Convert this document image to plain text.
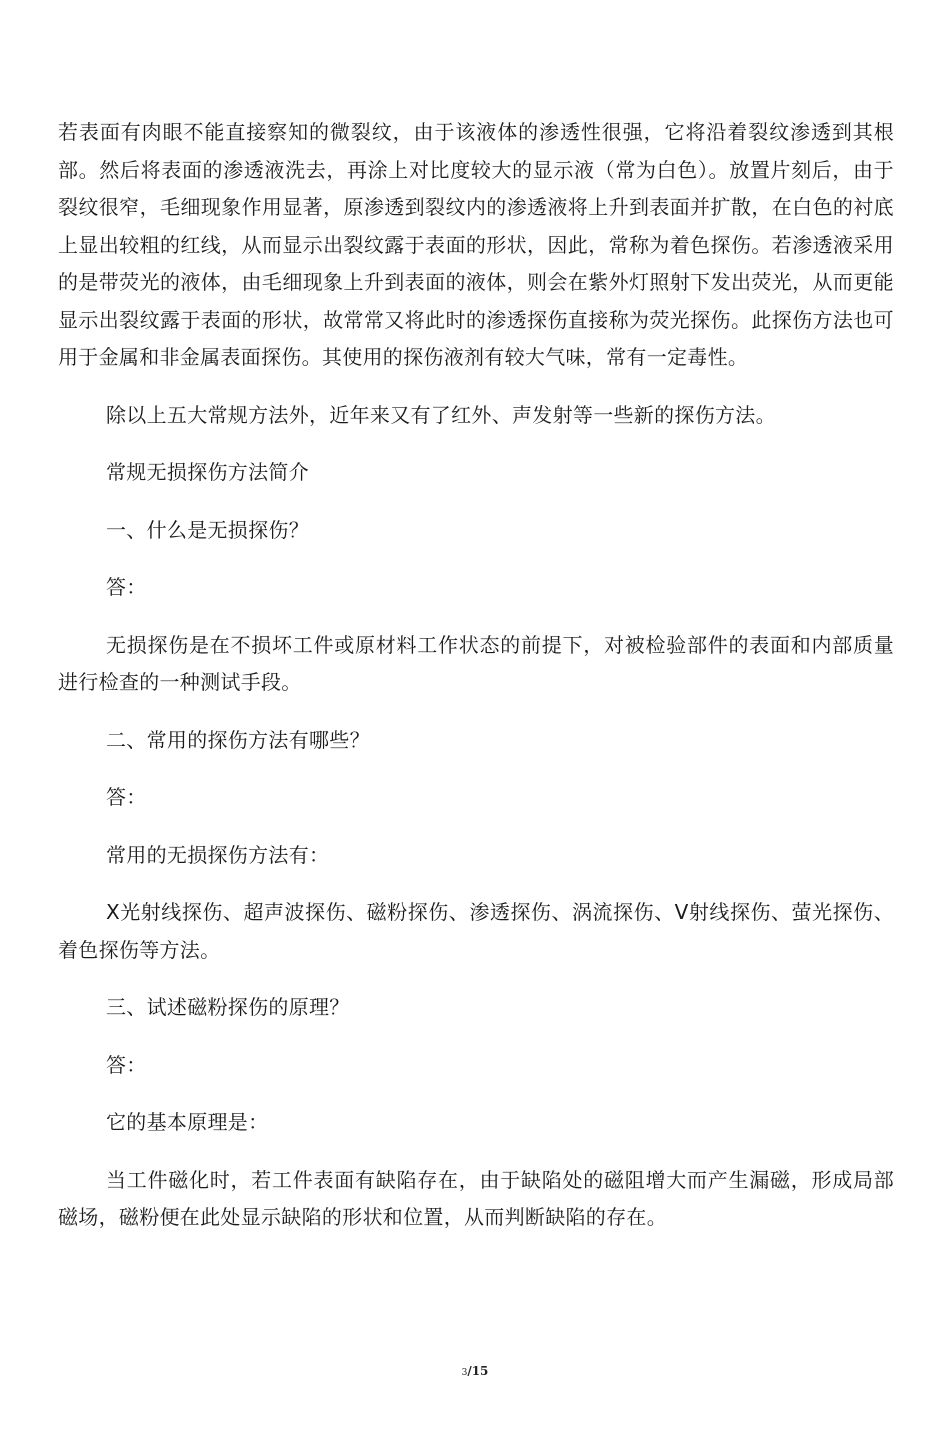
若表面有肉眼不能直接察知的微裂纹，由于该液体的渗透性很强，它将沿着裂纹渗透到其根部。然后将表面的渗透液洗去，再涂上对比度较大的显示液（常为白色）。放置片刻后，由于裂纹很窄，毛细现象作用显著，原渗透到裂纹内的渗透液将上升到表面并扩散，在白色的衬底上显出较粗的红线，从而显示出裂纹露于表面的形状，因此，常称为着色探伤。若渗透液采用的是带荧光的液体，由毛细现象上升到表面的液体，则会在紫外灯照射下发出荧光，从而更能显示出裂纹露于表面的形状，故常常又将此时的渗透探伤直接称为荧光探伤。此探伤方法也可用于金属和非金属表面探伤。其使用的探伤液剂有较大气味，常有一定毒性。

除以上五大常规方法外，近年来又有了红外、声发射等一些新的探伤方法。

常规无损探伤方法简介

一、什么是无损探伤？

答：

无损探伤是在不损坏工件或原材料工作状态的前提下，对被检验部件的表面和内部质量进行检查的一种测试手段。

二、常用的探伤方法有哪些？

答：

常用的无损探伤方法有：

X光射线探伤、超声波探伤、磁粉探伤、渗透探伤、涡流探伤、V射线探伤、萤光探伤、着色探伤等方法。

三、试述磁粉探伤的原理？

答：

它的基本原理是：

当工件磁化时，若工件表面有缺陷存在，由于缺陷处的磁阻增大而产生漏磁，形成局部磁场，磁粉便在此处显示缺陷的形状和位置，从而判断缺陷的存在。

3/15
